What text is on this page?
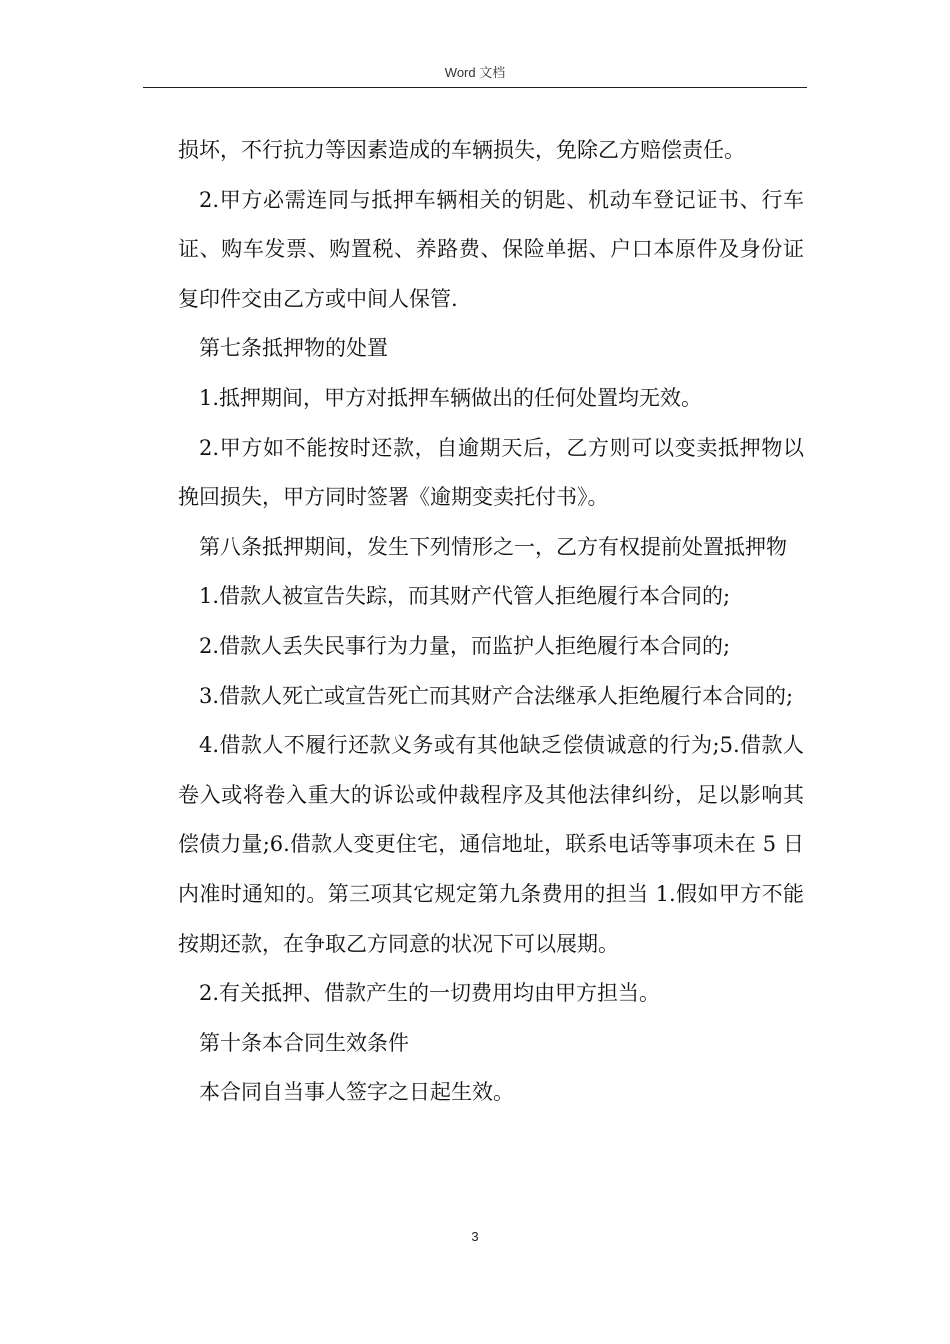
Word 文档

损坏，不行抗力等因素造成的车辆损失，免除乙方赔偿责任。

2.甲方必需连同与抵押车辆相关的钥匙、机动车登记证书、行车证、购车发票、购置税、养路费、保险单据、户口本原件及身份证复印件交由乙方或中间人保管.

第七条抵押物的处置

1.抵押期间，甲方对抵押车辆做出的任何处置均无效。

2.甲方如不能按时还款，自逾期天后，乙方则可以变卖抵押物以挽回损失，甲方同时签署《逾期变卖托付书》。

第八条抵押期间，发生下列情形之一，乙方有权提前处置抵押物

1.借款人被宣告失踪，而其财产代管人拒绝履行本合同的;

2.借款人丢失民事行为力量，而监护人拒绝履行本合同的;

3.借款人死亡或宣告死亡而其财产合法继承人拒绝履行本合同的;

4.借款人不履行还款义务或有其他缺乏偿债诚意的行为;5.借款人卷入或将卷入重大的诉讼或仲裁程序及其他法律纠纷，足以影响其偿债力量;6.借款人变更住宅，通信地址，联系电话等事项未在 5 日内准时通知的。第三项其它规定第九条费用的担当 1.假如甲方不能按期还款，在争取乙方同意的状况下可以展期。

2.有关抵押、借款产生的一切费用均由甲方担当。

第十条本合同生效条件

本合同自当事人签字之日起生效。

3
